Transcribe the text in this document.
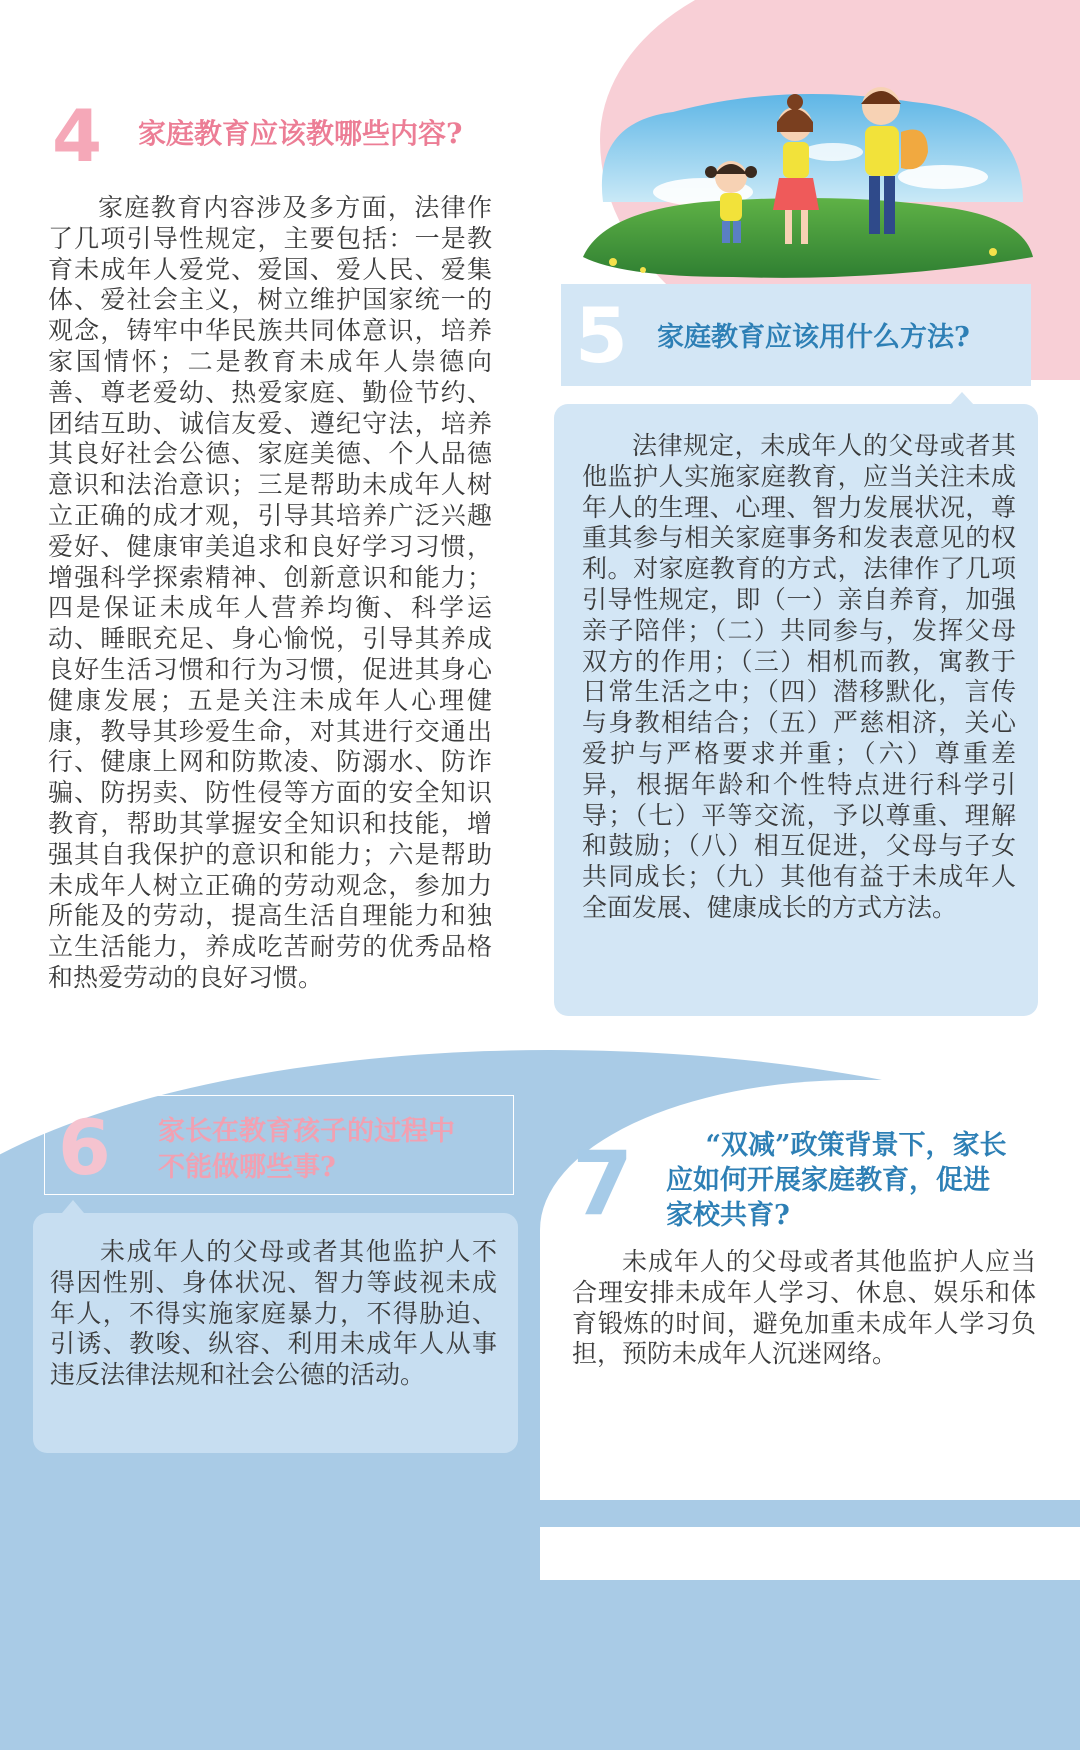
4 家庭教育应该教哪些内容?

家庭教育内容涉及多方面，法律作了几项引导性规定，主要包括：一是教育未成年人爱党、爱国、爱人民、爱集体、爱社会主义，树立维护国家统一的观念，铸牢中华民族共同体意识，培养家国情怀；二是教育未成年人崇德向善、尊老爱幼、热爱家庭、勤俭节约、团结互助、诚信友爱、遵纪守法，培养其良好社会公德、家庭美德、个人品德意识和法治意识；三是帮助未成年人树立正确的成才观，引导其培养广泛兴趣爱好、健康审美追求和良好学习习惯，增强科学探索精神、创新意识和能力；四是保证未成年人营养均衡、科学运动、睡眠充足、身心愉悦，引导其养成良好生活习惯和行为习惯，促进其身心健康发展；五是关注未成年人心理健康，教导其珍爱生命，对其进行交通出行、健康上网和防欺凌、防溺水、防诈骗、防拐卖、防性侵等方面的安全知识教育，帮助其掌握安全知识和技能，增强其自我保护的意识和能力；六是帮助未成年人树立正确的劳动观念，参加力所能及的劳动，提高生活自理能力和独立生活能力，养成吃苦耐劳的优秀品格和热爱劳动的良好习惯。

5 家庭教育应该用什么方法?

法律规定，未成年人的父母或者其他监护人实施家庭教育，应当关注未成年人的生理、心理、智力发展状况，尊重其参与相关家庭事务和发表意见的权利。对家庭教育的方式，法律作了几项引导性规定，即（一）亲自养育，加强亲子陪伴；（二）共同参与，发挥父母双方的作用；（三）相机而教，寓教于日常生活之中；（四）潜移默化，言传与身教相结合；（五）严慈相济，关心爱护与严格要求并重；（六）尊重差异，根据年龄和个性特点进行科学引导；（七）平等交流，予以尊重、理解和鼓励；（八）相互促进，父母与子女共同成长；（九）其他有益于未成年人全面发展、健康成长的方式方法。

6 家长在教育孩子的过程中
不能做哪些事?

未成年人的父母或者其他监护人不得因性别、身体状况、智力等歧视未成年人，不得实施家庭暴力，不得胁迫、引诱、教唆、纵容、利用未成年人从事违反法律法规和社会公德的活动。

7	“双减”政策背景下，家长
应如何开展家庭教育，促进
家校共育?

未成年人的父母或者其他监护人应当合理安排未成年人学习、休息、娱乐和体育锻炼的时间，避免加重未成年人学习负担，预防未成年人沉迷网络。
